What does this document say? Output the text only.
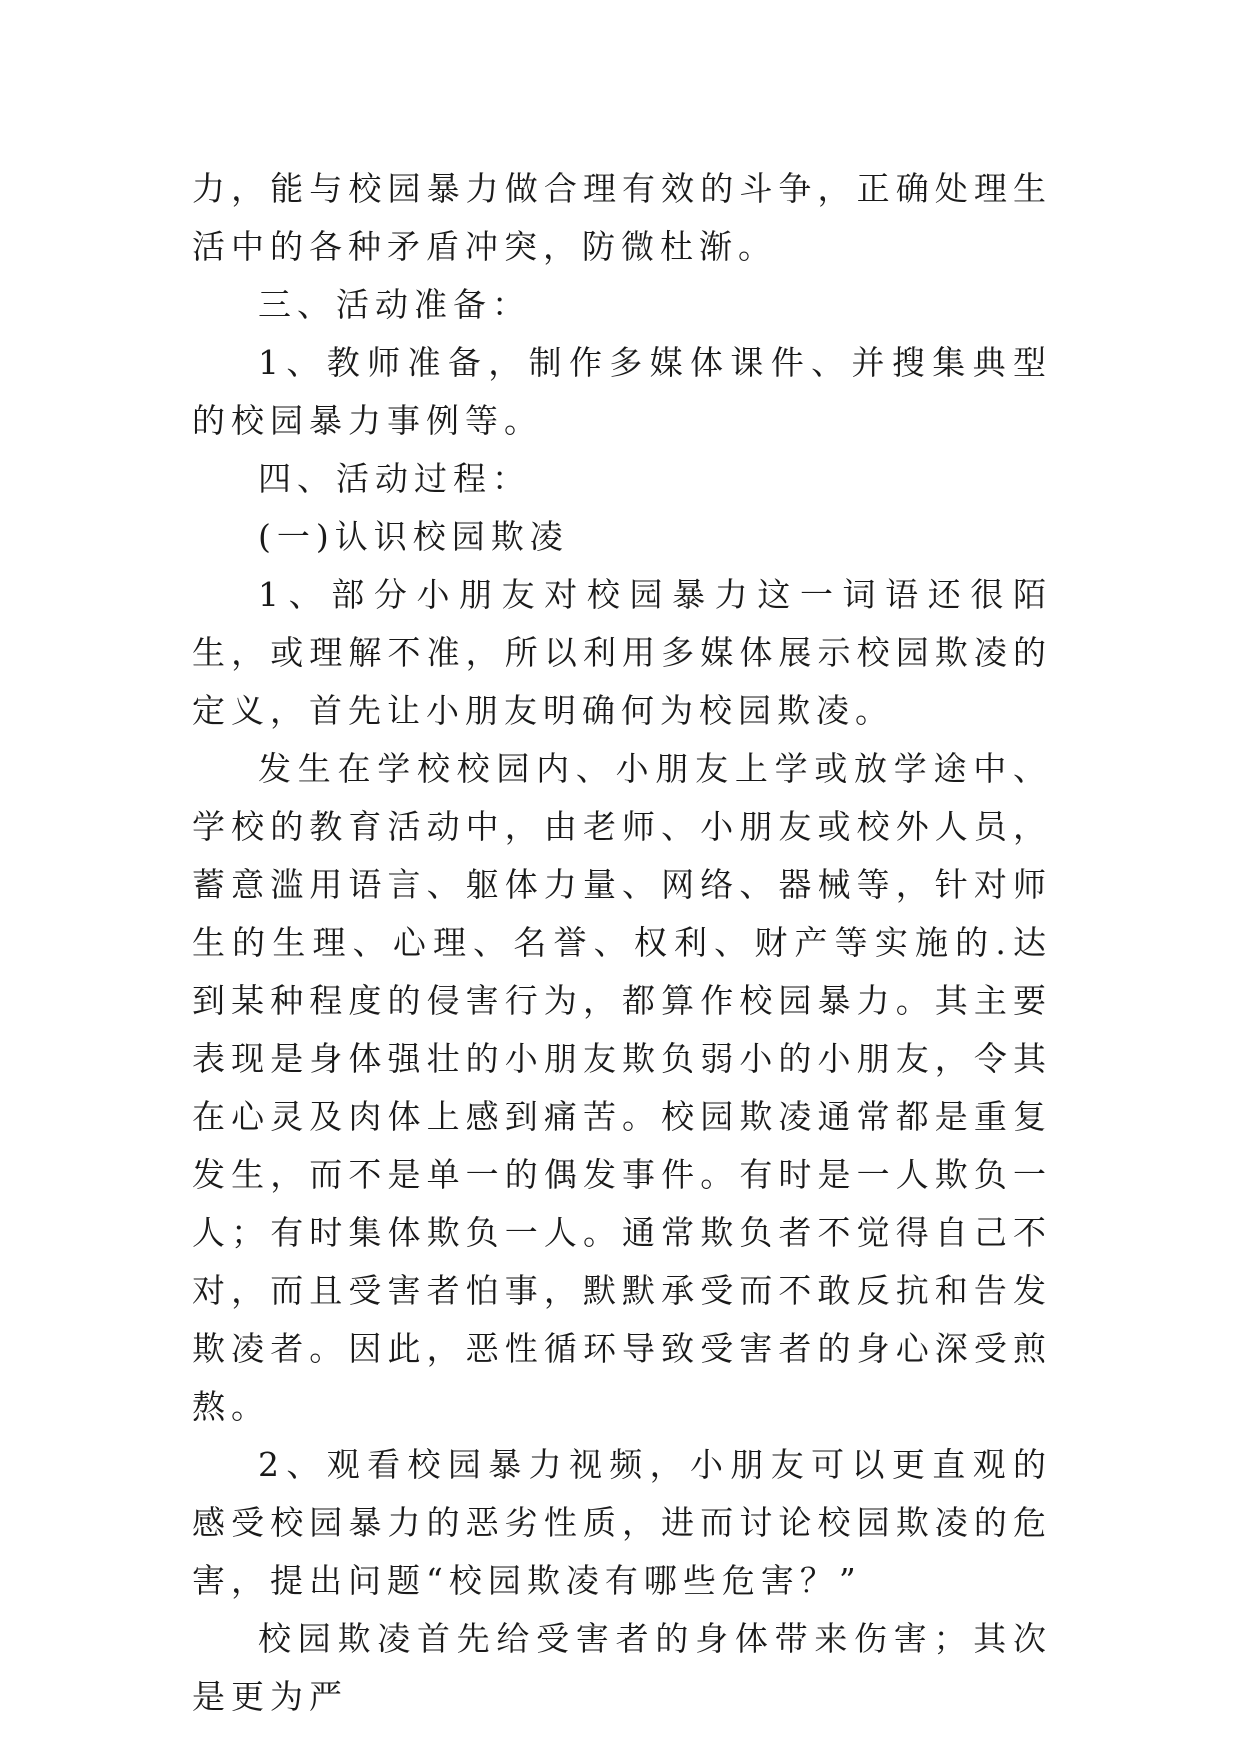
力，能与校园暴力做合理有效的斗争，正确处理生活中的各种矛盾冲突，防微杜渐。

三、活动准备：

1、教师准备，制作多媒体课件、并搜集典型的校园暴力事例等。

四、活动过程：

(一)认识校园欺凌

1、部分小朋友对校园暴力这一词语还很陌生，或理解不准，所以利用多媒体展示校园欺凌的定义，首先让小朋友明确何为校园欺凌。

发生在学校校园内、小朋友上学或放学途中、学校的教育活动中，由老师、小朋友或校外人员，蓄意滥用语言、躯体力量、网络、器械等，针对师生的生理、心理、名誉、权利、财产等实施的.达到某种程度的侵害行为，都算作校园暴力。其主要表现是身体强壮的小朋友欺负弱小的小朋友，令其在心灵及肉体上感到痛苦。校园欺凌通常都是重复发生，而不是单一的偶发事件。有时是一人欺负一人；有时集体欺负一人。通常欺负者不觉得自己不对，而且受害者怕事，默默承受而不敢反抗和告发欺凌者。因此，恶性循环导致受害者的身心深受煎熬。

2、观看校园暴力视频，小朋友可以更直观的感受校园暴力的恶劣性质，进而讨论校园欺凌的危害，提出问题“校园欺凌有哪些危害？”

校园欺凌首先给受害者的身体带来伤害；其次是更为严
